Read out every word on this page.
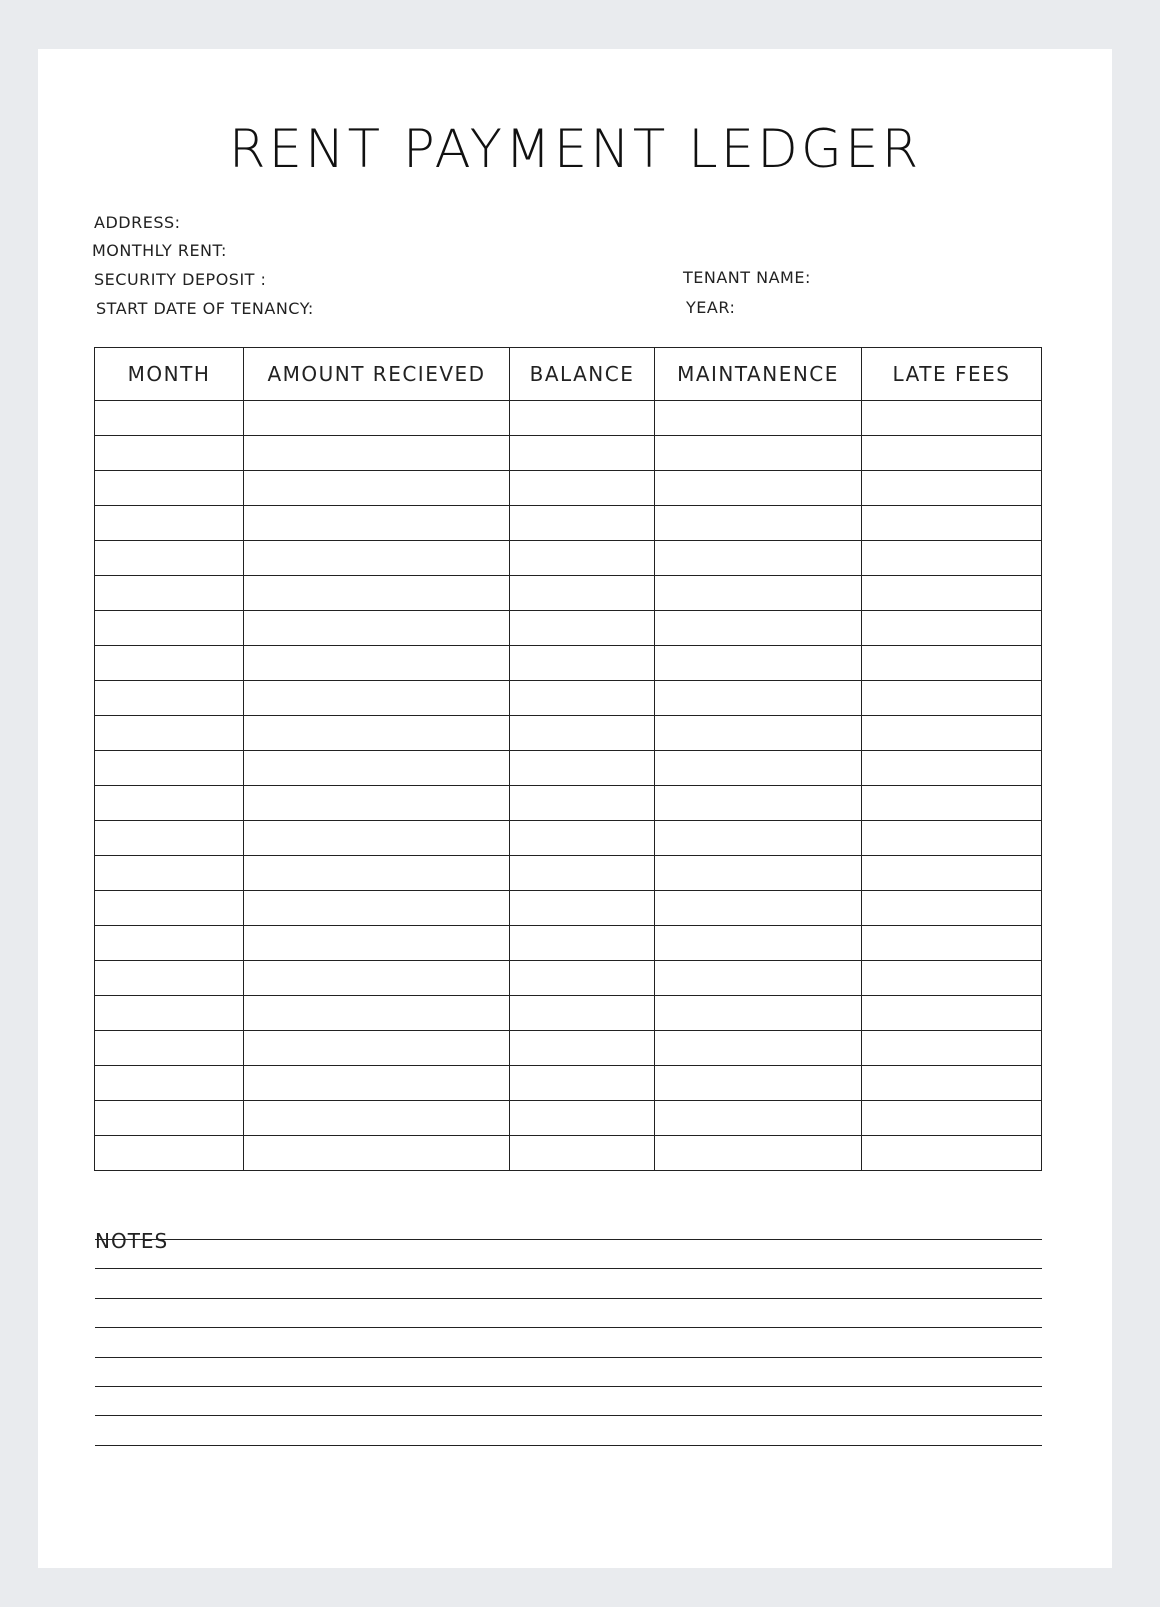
RENT PAYMENT LEDGER
ADDRESS:
MONTHLY RENT:
SECURITY DEPOSIT :
START DATE OF TENANCY:
TENANT NAME:
YEAR:
MONTH	AMOUNT RECIEVED	BALANCE	MAINTANENCE	LATE FEES

NOTES
